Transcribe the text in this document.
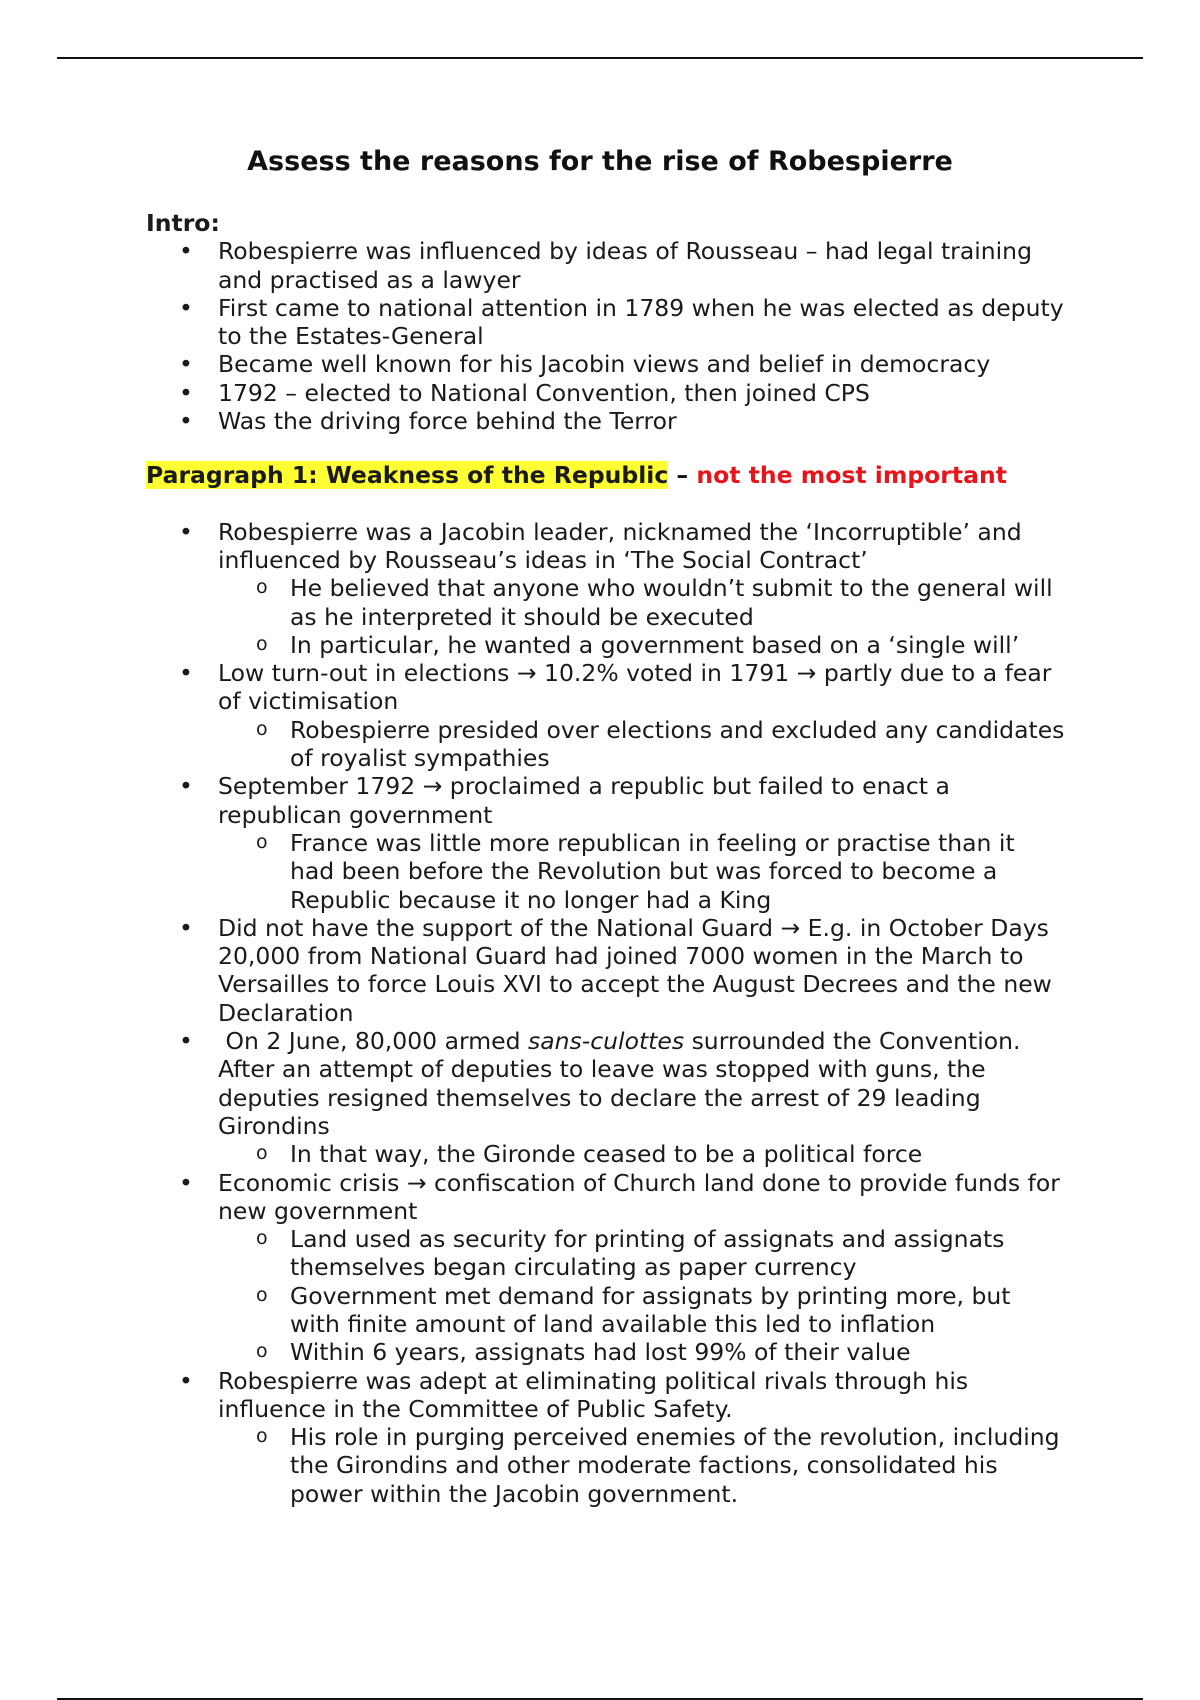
Assess the reasons for the rise of Robespierre

Intro:

• Robespierre was influenced by ideas of Rousseau – had legal training and practised as a lawyer
• First came to national attention in 1789 when he was elected as deputy to the Estates-General
• Became well known for his Jacobin views and belief in democracy
• 1792 – elected to National Convention, then joined CPS
• Was the driving force behind the Terror

Paragraph 1: Weakness of the Republic – not the most important

• Robespierre was a Jacobin leader, nicknamed the ‘Incorruptible’ and influenced by Rousseau’s ideas in ‘The Social Contract’
o He believed that anyone who wouldn’t submit to the general will as he interpreted it should be executed
o In particular, he wanted a government based on a ‘single will’
• Low turn-out in elections → 10.2% voted in 1791 → partly due to a fear of victimisation
o Robespierre presided over elections and excluded any candidates of royalist sympathies
• September 1792 → proclaimed a republic but failed to enact a republican government
o France was little more republican in feeling or practise than it had been before the Revolution but was forced to become a Republic because it no longer had a King
• Did not have the support of the National Guard → E.g. in October Days 20,000 from National Guard had joined 7000 women in the March to Versailles to force Louis XVI to accept the August Decrees and the new Declaration
• On 2 June, 80,000 armed sans-culottes surrounded the Convention. After an attempt of deputies to leave was stopped with guns, the deputies resigned themselves to declare the arrest of 29 leading Girondins
o In that way, the Gironde ceased to be a political force
• Economic crisis → confiscation of Church land done to provide funds for new government
o Land used as security for printing of assignats and assignats themselves began circulating as paper currency
o Government met demand for assignats by printing more, but with finite amount of land available this led to inflation
o Within 6 years, assignats had lost 99% of their value
• Robespierre was adept at eliminating political rivals through his influence in the Committee of Public Safety.
o His role in purging perceived enemies of the revolution, including the Girondins and other moderate factions, consolidated his power within the Jacobin government.
